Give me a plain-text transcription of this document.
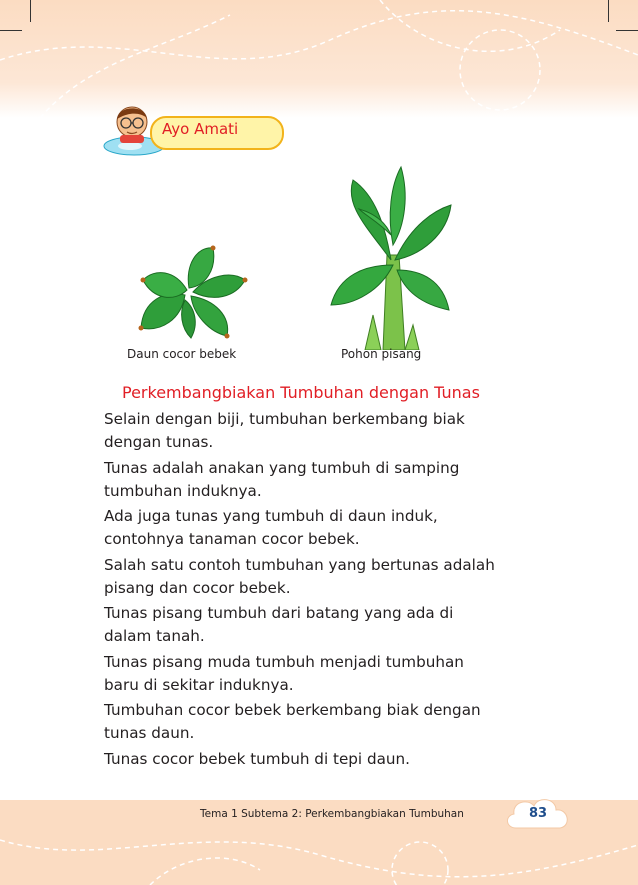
Ayo Amati
Daun cocor bebek	Pohon pisang
Perkembangbiakan Tumbuhan dengan Tunas

Selain dengan biji, tumbuhan berkembang biak
dengan tunas.

Tunas adalah anakan yang tumbuh di samping
tumbuhan induknya.

Ada juga tunas yang tumbuh di daun induk,
contohnya tanaman cocor bebek.

Salah satu contoh tumbuhan yang bertunas adalah
pisang dan cocor bebek.

Tunas pisang tumbuh dari batang yang ada di
dalam tanah.

Tunas pisang muda tumbuh menjadi tumbuhan
baru di sekitar induknya.

Tumbuhan cocor bebek berkembang biak dengan
tunas daun.

Tunas cocor bebek tumbuh di tepi daun.

Tema 1 Subtema 2: Perkembangbiakan Tumbuhan	83
